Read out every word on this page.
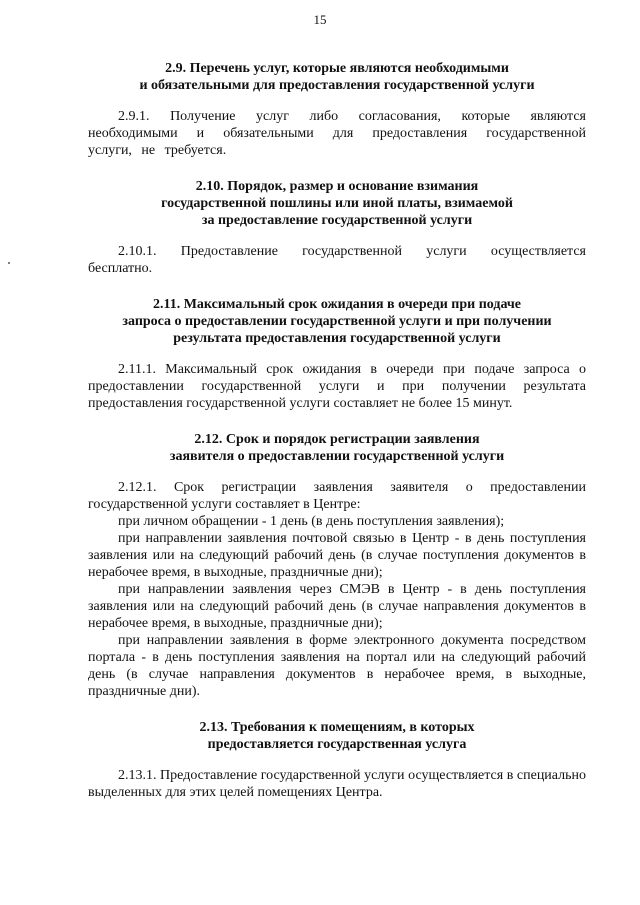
15
2.9. Перечень услуг, которые являются необходимыми
и обязательными для предоставления государственной услуги

2.9.1. Получение услуг либо согласования, которые являются необходимыми и обязательными для предоставления государственной услуги, не требуется.

2.10. Порядок, размер и основание взимания
государственной пошлины или иной платы, взимаемой
за предоставление государственной услуги

2.10.1. Предоставление государственной услуги осуществляется бесплатно.

2.11. Максимальный срок ожидания в очереди при подаче
запроса о предоставлении государственной услуги и при получении
результата предоставления государственной услуги

2.11.1. Максимальный срок ожидания в очереди при подаче запроса о предоставлении государственной услуги и при получении результата предоставления государственной услуги составляет не более 15 минут.

2.12. Срок и порядок регистрации заявления
заявителя о предоставлении государственной услуги

2.12.1. Срок регистрации заявления заявителя о предоставлении государственной услуги составляет в Центре:

при личном обращении - 1 день (в день поступления заявления);

при направлении заявления почтовой связью в Центр - в день поступления заявления или на следующий рабочий день (в случае поступления документов в нерабочее время, в выходные, праздничные дни);

при направлении заявления через СМЭВ в Центр - в день поступления заявления или на следующий рабочий день (в случае направления документов в нерабочее время, в выходные, праздничные дни);

при направлении заявления в форме электронного документа посредством портала - в день поступления заявления на портал или на следующий рабочий день (в случае направления документов в нерабочее время, в выходные, праздничные дни).

2.13. Требования к помещениям, в которых
предоставляется государственная услуга

2.13.1. Предоставление государственной услуги осуществляется в специально выделенных для этих целей помещениях Центра.
